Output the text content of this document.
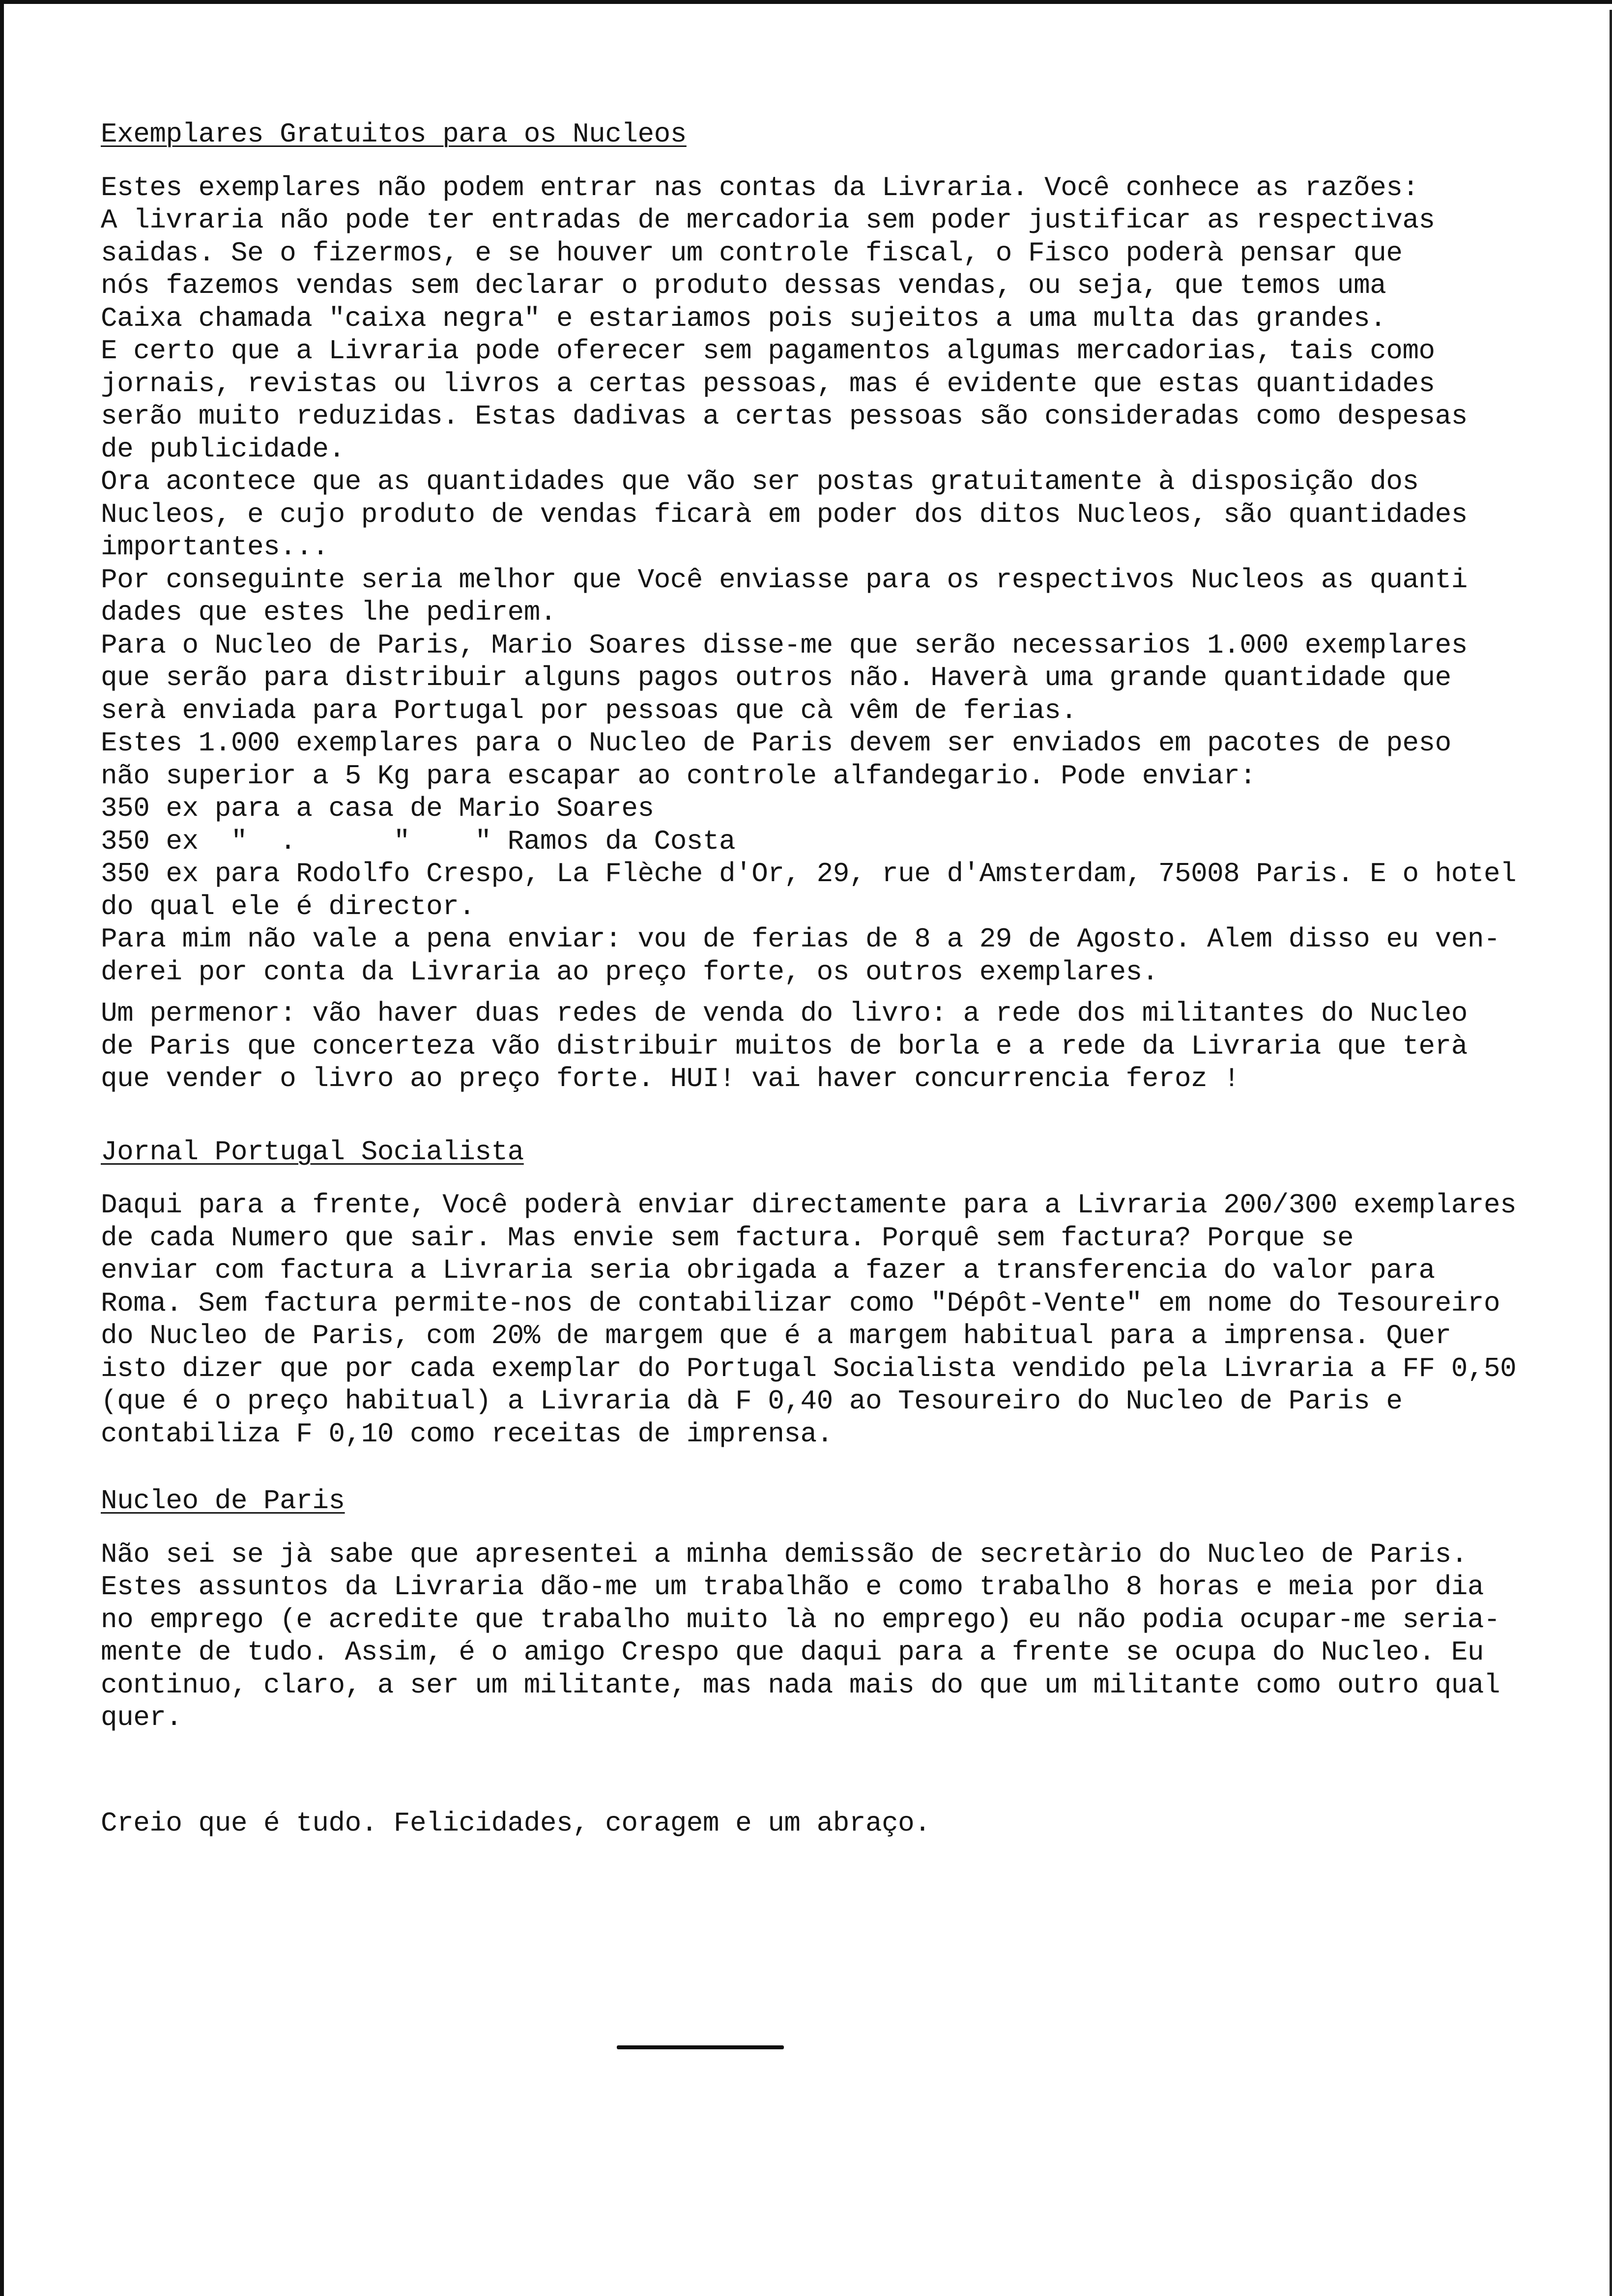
Exemplares Gratuitos para os Nucleos
Estes exemplares não podem entrar nas contas da Livraria. Você conhece as razões:
A livraria não pode ter entradas de mercadoria sem poder justificar as respectivas
saidas. Se o fizermos, e se houver um controle fiscal, o Fisco poderà pensar que
nós fazemos vendas sem declarar o produto dessas vendas, ou seja, que temos uma
Caixa chamada "caixa negra" e estariamos pois sujeitos a uma multa das grandes.
E certo que a Livraria pode oferecer sem pagamentos algumas mercadorias, tais como
jornais, revistas ou livros a certas pessoas, mas é evidente que estas quantidades
serão muito reduzidas. Estas dadivas a certas pessoas são consideradas como despesas
de publicidade.
Ora acontece que as quantidades que vão ser postas gratuitamente à disposição dos
Nucleos, e cujo produto de vendas ficarà em poder dos ditos Nucleos, são quantidades
importantes...
Por conseguinte seria melhor que Você enviasse para os respectivos Nucleos as quanti
dades que estes lhe pedirem.
Para o Nucleo de Paris, Mario Soares disse-me que serão necessarios 1.000 exemplares
que serão para distribuir alguns pagos outros não. Haverà uma grande quantidade que
serà enviada para Portugal por pessoas que cà vêm de ferias.
Estes 1.000 exemplares para o Nucleo de Paris devem ser enviados em pacotes de peso
não superior a 5 Kg para escapar ao controle alfandegario. Pode enviar:
350 ex para a casa de Mario Soares
350 ex  "  .      "    " Ramos da Costa
350 ex para Rodolfo Crespo, La Flèche d'Or, 29, rue d'Amsterdam, 75008 Paris. E o hotel
do qual ele é director.
Para mim não vale a pena enviar: vou de ferias de 8 a 29 de Agosto. Alem disso eu ven-
derei por conta da Livraria ao preço forte, os outros exemplares.
Um permenor: vão haver duas redes de venda do livro: a rede dos militantes do Nucleo
de Paris que concerteza vão distribuir muitos de borla e a rede da Livraria que terà
que vender o livro ao preço forte. HUI! vai haver concurrencia feroz !
Jornal Portugal Socialista
Daqui para a frente, Você poderà enviar directamente para a Livraria 200/300 exemplares
de cada Numero que sair. Mas envie sem factura. Porquê sem factura? Porque se
enviar com factura a Livraria seria obrigada a fazer a transferencia do valor para
Roma. Sem factura permite-nos de contabilizar como "Dépôt-Vente" em nome do Tesoureiro
do Nucleo de Paris, com 20% de margem que é a margem habitual para a imprensa. Quer
isto dizer que por cada exemplar do Portugal Socialista vendido pela Livraria a FF 0,50
(que é o preço habitual) a Livraria dà F 0,40 ao Tesoureiro do Nucleo de Paris e
contabiliza F 0,10 como receitas de imprensa.
Nucleo de Paris
Não sei se jà sabe que apresentei a minha demissão de secretàrio do Nucleo de Paris.
Estes assuntos da Livraria dão-me um trabalhão e como trabalho 8 horas e meia por dia
no emprego (e acredite que trabalho muito là no emprego) eu não podia ocupar-me seria-
mente de tudo. Assim, é o amigo Crespo que daqui para a frente se ocupa do Nucleo. Eu
continuo, claro, a ser um militante, mas nada mais do que um militante como outro qual
quer.
Creio que é tudo. Felicidades, coragem e um abraço.
